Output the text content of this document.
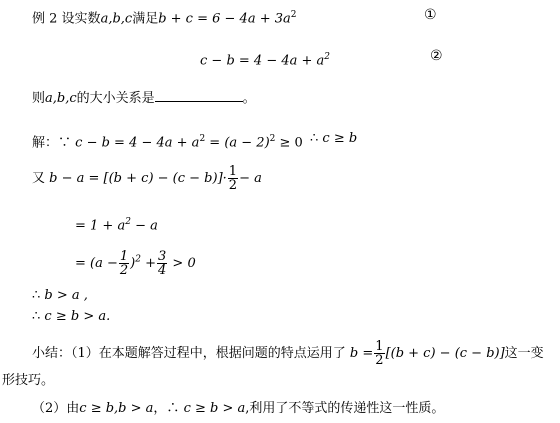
例 2 设实数a,b,c满足$b + c = 6 - 4a + 3a^2$	①
$c - b = 4 - 4a + a^2$	②
则a,b,c的大小关系是	。
解：∵ $c - b = 4 - 4a + a^2 = (a - 2)^2 \ge 0$ ∴ c ≥ b
又 $b - a = [(b + c) - (c - b)]\cdot \frac{1}{2} - a$
= $1 + a^2 - a$
= $(a - \frac{1}{2} )^2 + \frac{3}{4} > 0$
∴ b > a ,
∴ c ≥ b > a.
小结：（1）在本题解答过程中，根据问题的特点运用了 $b = \frac{1}{2} [(b + c) - (c - b)]$这一变
形技巧。
（2）由c ≥ b,b > a，∴ c ≥ b > a,利用了不等式的传递性这一性质。
